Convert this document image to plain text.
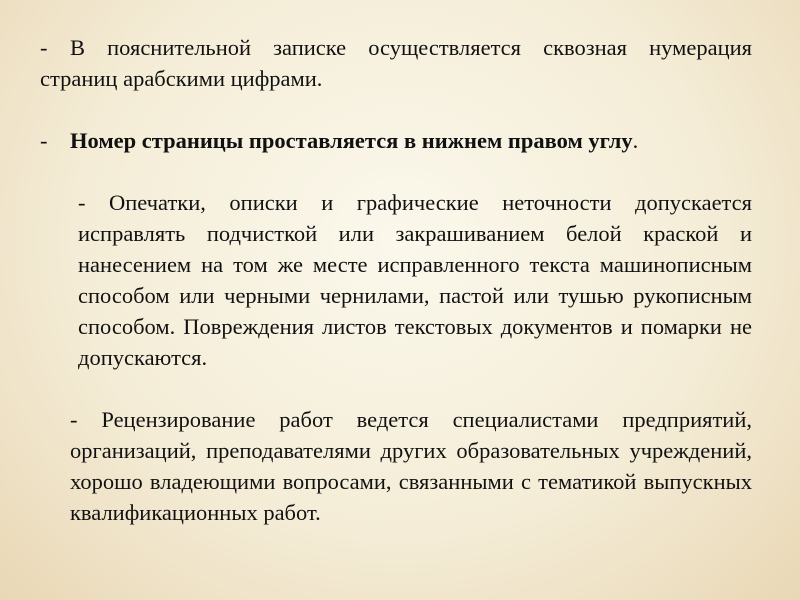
- В пояснительной записке осуществляется сквозная нумерация страниц арабскими цифрами.

- Номер страницы проставляется в нижнем правом углу.

- Опечатки, описки и графические неточности допускается исправлять подчисткой или закрашиванием белой краской и нанесением на том же месте исправленного текста машинописным способом или черными чернилами, пастой или тушью рукописным способом. Повреждения листов текстовых документов и помарки не допускаются.

- Рецензирование работ ведется специалистами предприятий, организаций, преподавателями других образовательных учреждений, хорошо владеющими вопросами, связанными с тематикой выпускных квалификационных работ.
